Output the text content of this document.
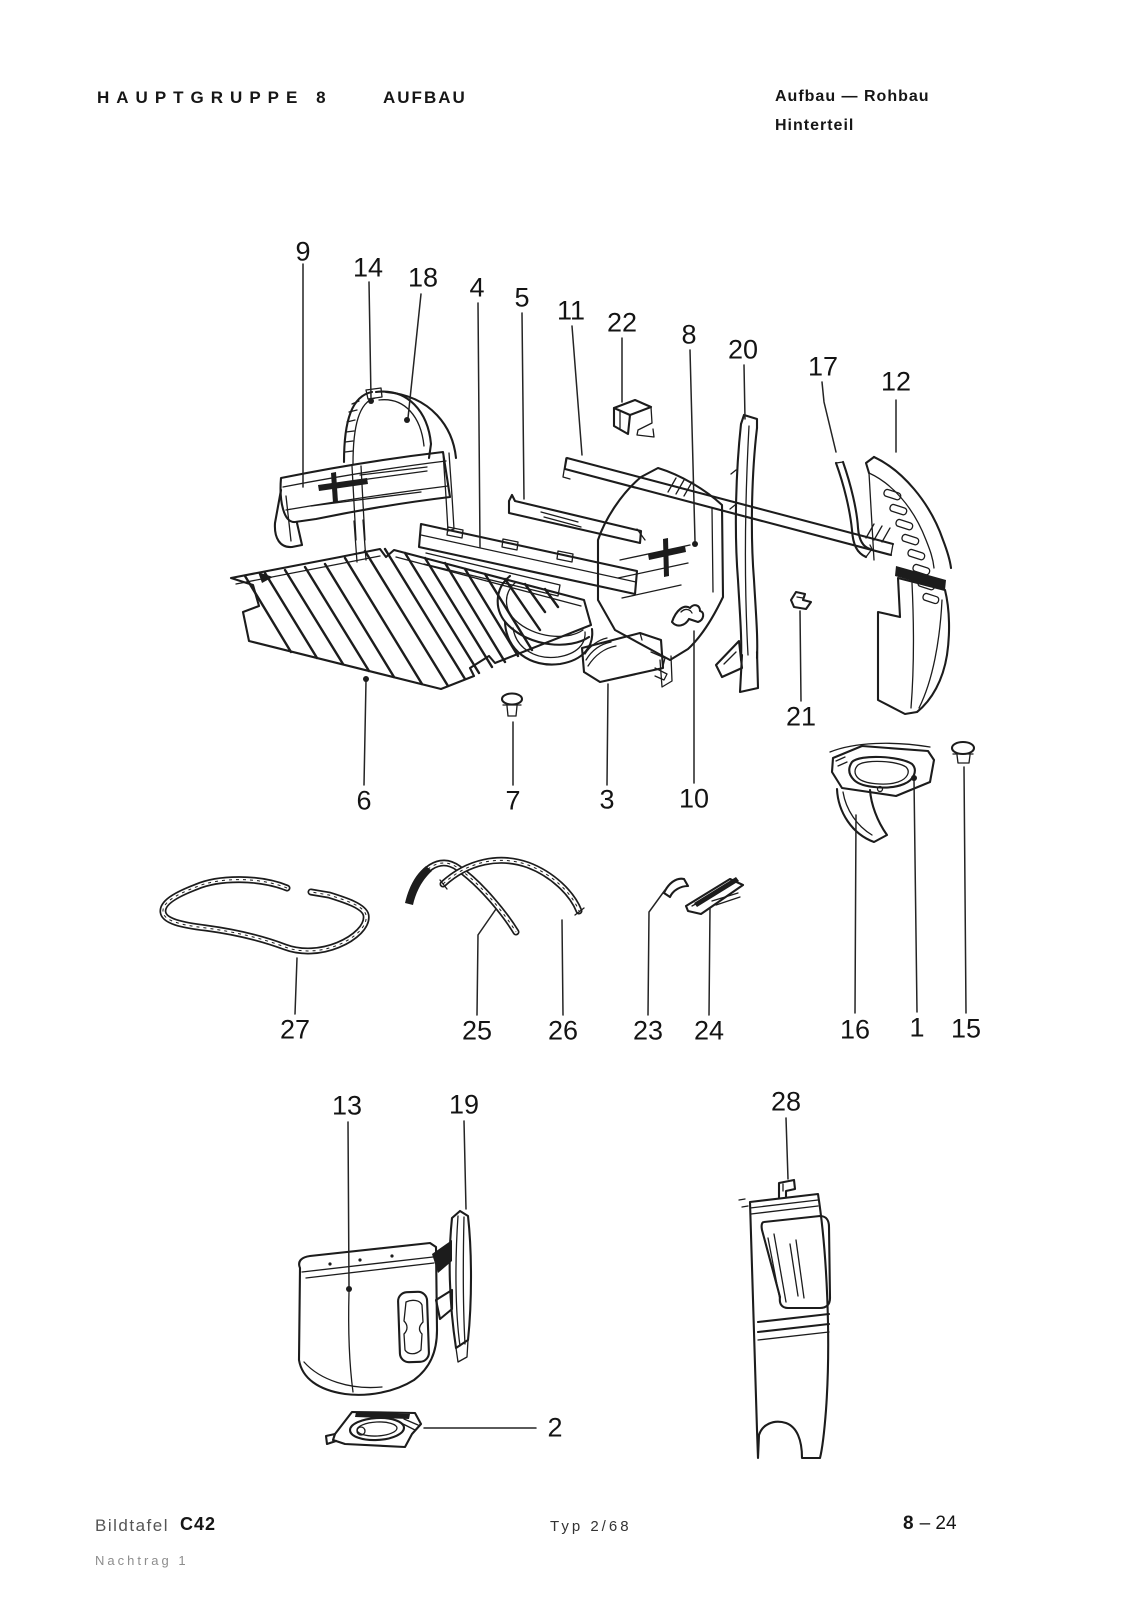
HAUPTGRUPPE 8	AUFBAU	Aufbau — Rohbau
Hinterteil
9
14 18 4 5 11 22 8 20
17 12
6	7	3 10
21
27	25 26 23 24	16 1 15
13	19	28
2
Bildtafel C42
Nachtrag 1
Typ 2/68	8 – 24
